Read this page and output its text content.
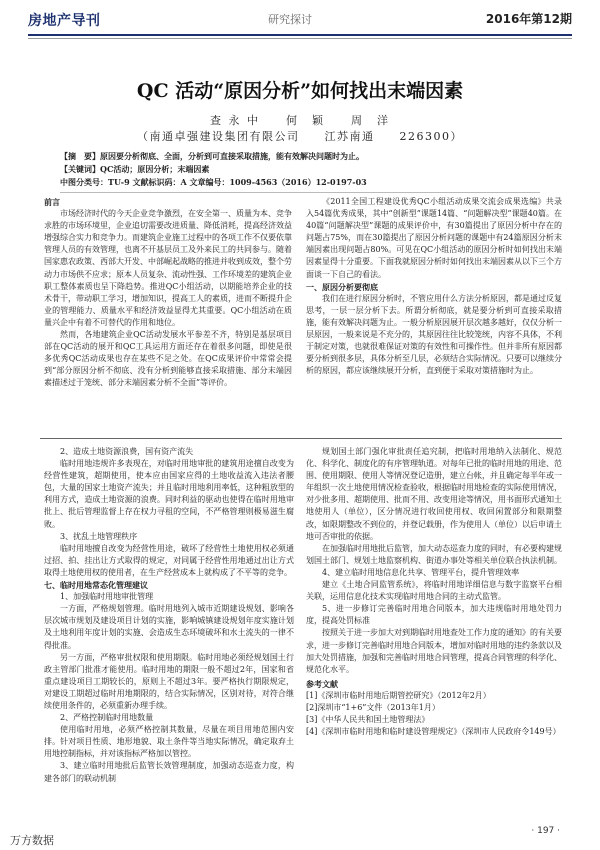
房地产导刊	研究探讨	2016年第12期
QC 活动“原因分析”如何找出末端因素
查 永 中　　何　颖　　周　洋
（南通卓强建设集团有限公司　　江苏南通　　226300）
【摘　要】原因要分析彻底、全面，分析到可直接采取措施，能有效解决问题时为止。
【关键词】QC活动；原因分析；末端因素
中图分类号：TU-9 文献标识码：A 文章编号：1009-4563（2016）12-0197-03

前言

市场经济时代的今天企业竞争激烈，在安全第一、质量为本、竞争求胜的市场环境里，企业追切需要改进质量、降低消耗，提高经济效益增强综合实力和竞争力。而建筑企业施工过程中的各项工作不仅要依靠管理人员的有效管理，也离不开基层员工及外来民工的共同参与。随着国家惠农政策、西部大开发、中部崛起战略的推进并收到成效，整个劳动力市场供不应求；原本人员复杂、流动性强、工作环境差的建筑企业职工整体素质也呈下降趋势。推进QC小组活动，以期能培养企业的技术骨干，带动职工学习，增加知识，提高工人的素质，进而不断提升企业的管理能力、质量水平和经济效益显得尤其重要。QC小组活动在质量兴企中有着不可替代的作用和地位。

然而，各地建筑企业QC活动发展水平参差不齐，特别是基层项目部在QC活动的展开和QC工具运用方面还存在着很多问题，即使是很多优秀QC活动成果也存在某些不足之处。在QC成果评价中常常会提到“部分原因分析不彻底、没有分析到能够直接采取措施、部分末端因素描述过于笼统、部分末端因素分析不全面”等评价。

《2011全国工程建设优秀QC小组活动成果交流会成果选编》共录入54篇优秀成果，其中“创新型”课题14篇、“问题解决型”课题40篇。在40篇“问题解决型”课题的成果评价中，有30篇提出了原因分析中存在的问题占75%，而在30篇提出了原因分析问题的课题中有24篇原因分析末端因素出现问题占80%。可见在QC小组活动的原因分析时如何找出末端因素显得十分重要。下面我就原因分析时如何找出末端因素从以下三个方面谈一下自己的看法。

一、原因分析要彻底

我们在进行原因分析时，不管应用什么方法分析原因，都是通过反复思考，一层一层分析下去。所谓分析彻底，就是要分析到可直接采取措施，能有效解决问题为止。一般分析原因展开层次越多越好，仅仅分析一层原因，一般来说是不充分的，其原因往往比较笼统，内容不具体，不利于制定对策，也就很难保证对策的有效性和可操作性。但并非所有原因都要分析到很多层，具体分析至几层，必须结合实际情况。只要可以继续分析的原因，都应该继续展开分析，直到便于采取对策措施时为止。

2、造成土地资源浪费，国有资产流失

临时用地违规许多表现在，对临时用地审批的建筑用途擅自改变为经营性建筑，超期使用，使本应由国家应得的土地收益流入违法者腰包，大量的国家土地资产流失；并且临时用地利用率低，这种粗放型的利用方式，造成土地资源的浪费。同时利益的驱动也使得在临时用地审批上、批后管理监督上存在权力寻租的空间，不严格管理则极易滋生腐败。

3、扰乱土地管理秩序

临时用地擅自改变为经营性用途，破坏了经营性土地使用权必须通过招、拍、挂出让方式取得的规定，对同属于经营性用地通过出让方式取得土地使用权的使用者，在生产经营成本上就构成了不平等的竞争。

七、临时用地常态化管理建议

1、加强临时用地审批管理

一方面，严格规划管理。临时用地列入城市近期建设规划、影响各层次城市规划及建设项目计划的实施，影响城镇建设规划年度实施计划及土地利用年度计划的实施、会造成生态环境破坏和水土流失的一律不得批准。

另一方面，严格审批权限和使用期限。临时用地必须经规划国土行政主管部门批准才能使用。临时用地的期限一般不超过2年，国家和省重点建设项目工期较长的，原则上不超过3年。要严格执行期限规定，对建设工期超过临时用地期限的，结合实际情况，区别对待，对符合继续使用条件的，必须重新办理手续。

2、严格控制临时用地数量

使用临时用地，必须严格控制其数量，尽量在项目用地范围内安排。针对项目性质、地形地貌、取土条件等当地实际情况，确定取弃土用地控制指标，并对该指标严格加以管控。

3、建立临时用地批后监管长效管理制度，加强动态巡查力度，构建各部门的联动机制

规划国土部门强化审批责任追究制，把临时用地纳入法制化、规范化、科学化、制度化的有序管理轨道。对每年已批的临时用地的用途、范围、使用期限、使用人等情况登记造册，建立台帐，并且确定每半年或一年组织一次土地使用情况检查验收，根据临时用地检查的实际使用情况，对少批多用、超期使用、批而不用、改变用途等情况，用书面形式通知土地使用人（单位），区分情况进行收回使用权、收回闲置部分和限期整改，如限期整改不到位的，并登记载册，作为使用人（单位）以后申请土地可否审批的依据。

在加强临时用地批后监管，加大动态巡查力度的同时，有必要构建规划国土部门、规划土地监察机构、街道办事处等相关单位联合执法机制。

4、建立临时用地信息化共享、管理平台，提升管理效率

建立《土地合同监管系统》，将临时用地详细信息与数字监察平台相关联，运用信息化技术实现临时用地合同的主动式监管。

5、进一步修订完善临时用地合同版本，加大违规临时用地处罚力度，提高处罚标准

按照关于进一步加大对到期临时用地查处工作力度的通知》的有关要求，进一步修订完善临时用地合同版本，增加对临时用地的违约条款以及加大处罚措施，加强和完善临时用地合同管理，提高合同管理的科学化、规范化水平。

参考文献

[1]《深圳市临时用地后期管控研究》（2012年2月）

[2]深圳市“1+6”文件（2013年1月）

[3]《中华人民共和国土地管理法》

[4]《深圳市临时用地和临时建设管理规定》（深圳市人民政府令149号）

· 197 ·
万方数据
